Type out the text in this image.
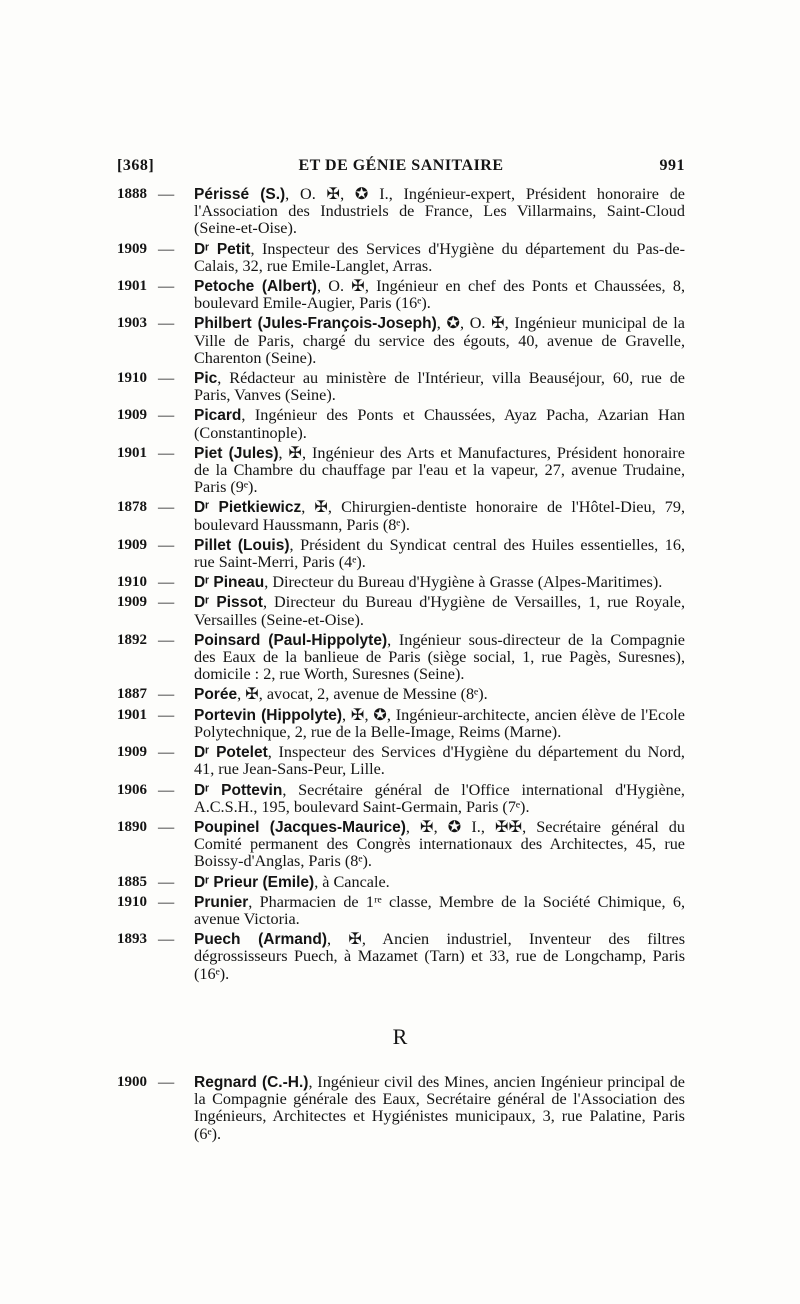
[368]	ET DE GÉNIE SANITAIRE	991
1888 — Périssé (S.), O. ✠, ✪ I., Ingénieur-expert, Président honoraire de l'Association des Industriels de France, Les Villarmains, Saint-Cloud (Seine-et-Oise).
1909 — Dʳ Petit, Inspecteur des Services d'Hygiène du département du Pas-de-Calais, 32, rue Emile-Langlet, Arras.
1901 — Petoche (Albert), O. ✠, Ingénieur en chef des Ponts et Chaussées, 8, boulevard Emile-Augier, Paris (16ᵉ).
1903 — Philbert (Jules-François-Joseph), ✪, O. ✠, Ingénieur municipal de la Ville de Paris, chargé du service des égouts, 40, avenue de Gravelle, Charenton (Seine).
1910 — Pic, Rédacteur au ministère de l'Intérieur, villa Beauséjour, 60, rue de Paris, Vanves (Seine).
1909 — Picard, Ingénieur des Ponts et Chaussées, Ayaz Pacha, Azarian Han (Constantinople).
1901 — Piet (Jules), ✠, Ingénieur des Arts et Manufactures, Président honoraire de la Chambre du chauffage par l'eau et la vapeur, 27, avenue Trudaine, Paris (9ᵉ).
1878 — Dʳ Pietkiewicz, ✠, Chirurgien-dentiste honoraire de l'Hôtel-Dieu, 79, boulevard Haussmann, Paris (8ᵉ).
1909 — Pillet (Louis), Président du Syndicat central des Huiles essentielles, 16, rue Saint-Merri, Paris (4ᵉ).
1910 — Dʳ Pineau, Directeur du Bureau d'Hygiène à Grasse (Alpes-Maritimes).
1909 — Dʳ Pissot, Directeur du Bureau d'Hygiène de Versailles, 1, rue Royale, Versailles (Seine-et-Oise).
1892 — Poinsard (Paul-Hippolyte), Ingénieur sous-directeur de la Compagnie des Eaux de la banlieue de Paris (siège social, 1, rue Pagès, Suresnes), domicile : 2, rue Worth, Suresnes (Seine).
1887 — Porée, ✠, avocat, 2, avenue de Messine (8ᵉ).
1901 — Portevin (Hippolyte), ✠, ✪, Ingénieur-architecte, ancien élève de l'Ecole Polytechnique, 2, rue de la Belle-Image, Reims (Marne).
1909 — Dʳ Potelet, Inspecteur des Services d'Hygiène du département du Nord, 41, rue Jean-Sans-Peur, Lille.
1906 — Dʳ Pottevin, Secrétaire général de l'Office international d'Hygiène, A.C.S.H., 195, boulevard Saint-Germain, Paris (7ᵉ).
1890 — Poupinel (Jacques-Maurice), ✠, ✪ I., ✠✠, Secrétaire général du Comité permanent des Congrès internationaux des Architectes, 45, rue Boissy-d'Anglas, Paris (8ᵉ).
1885 — Dʳ Prieur (Emile), à Cancale.
1910 — Prunier, Pharmacien de 1ʳᵉ classe, Membre de la Société Chimique, 6, avenue Victoria.
1893 — Puech (Armand), ✠, Ancien industriel, Inventeur des filtres dégrossisseurs Puech, à Mazamet (Tarn) et 33, rue de Longchamp, Paris (16ᵉ).
R
1900 — Regnard (C.-H.), Ingénieur civil des Mines, ancien Ingénieur principal de la Compagnie générale des Eaux, Secrétaire général de l'Association des Ingénieurs, Architectes et Hygiénistes municipaux, 3, rue Palatine, Paris (6ᵉ).
